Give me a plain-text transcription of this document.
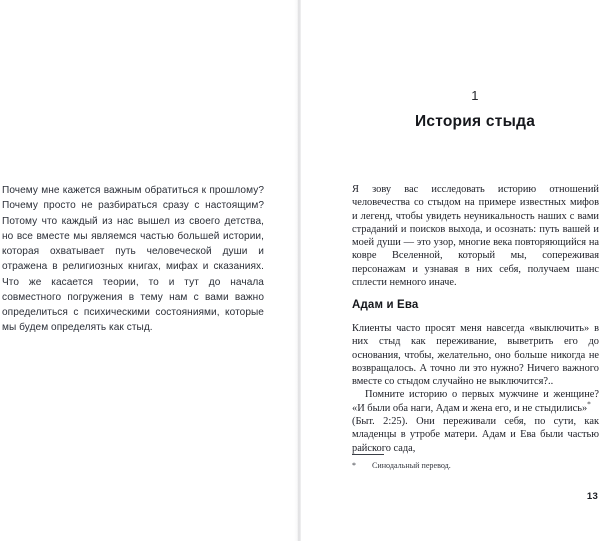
Почему мне кажется важным обратиться к прошлому? Почему просто не разбираться сразу с настоящим? Потому что каждый из нас вышел из своего детства, но все вместе мы являемся частью большей истории, которая охватывает путь человеческой души и отражена в религиозных книгах, мифах и сказаниях. Что же касается теории, то и тут до начала совместного погружения в тему нам с вами важно определиться с психическими состояниями, которые мы будем определять как стыд.

1
История стыда

Я зову вас исследовать историю отношений человечества со стыдом на примере известных мифов и легенд, чтобы увидеть неуникальность наших с вами страданий и поисков выхода, и осознать: путь вашей и моей души — это узор, многие века повторяющийся на ковре Вселенной, который мы, сопереживая персонажам и узнавая в них себя, получаем шанс сплести немного иначе.

Адам и Ева

Клиенты часто просят меня навсегда «выключить» в них стыд как переживание, выветрить его до основания, чтобы, желательно, оно больше никогда не возвращалось. А точно ли это нужно? Ничего важного вместе со стыдом случайно не выключится?..

Помните историю о первых мужчине и женщине? «И были оба наги, Адам и жена его, и не стыдились»*

(Быт. 2:25). Они переживали себя, по сути, как младенцы в утробе матери. Адам и Ева были частью райского сада,

* Синодальный перевод.
13
